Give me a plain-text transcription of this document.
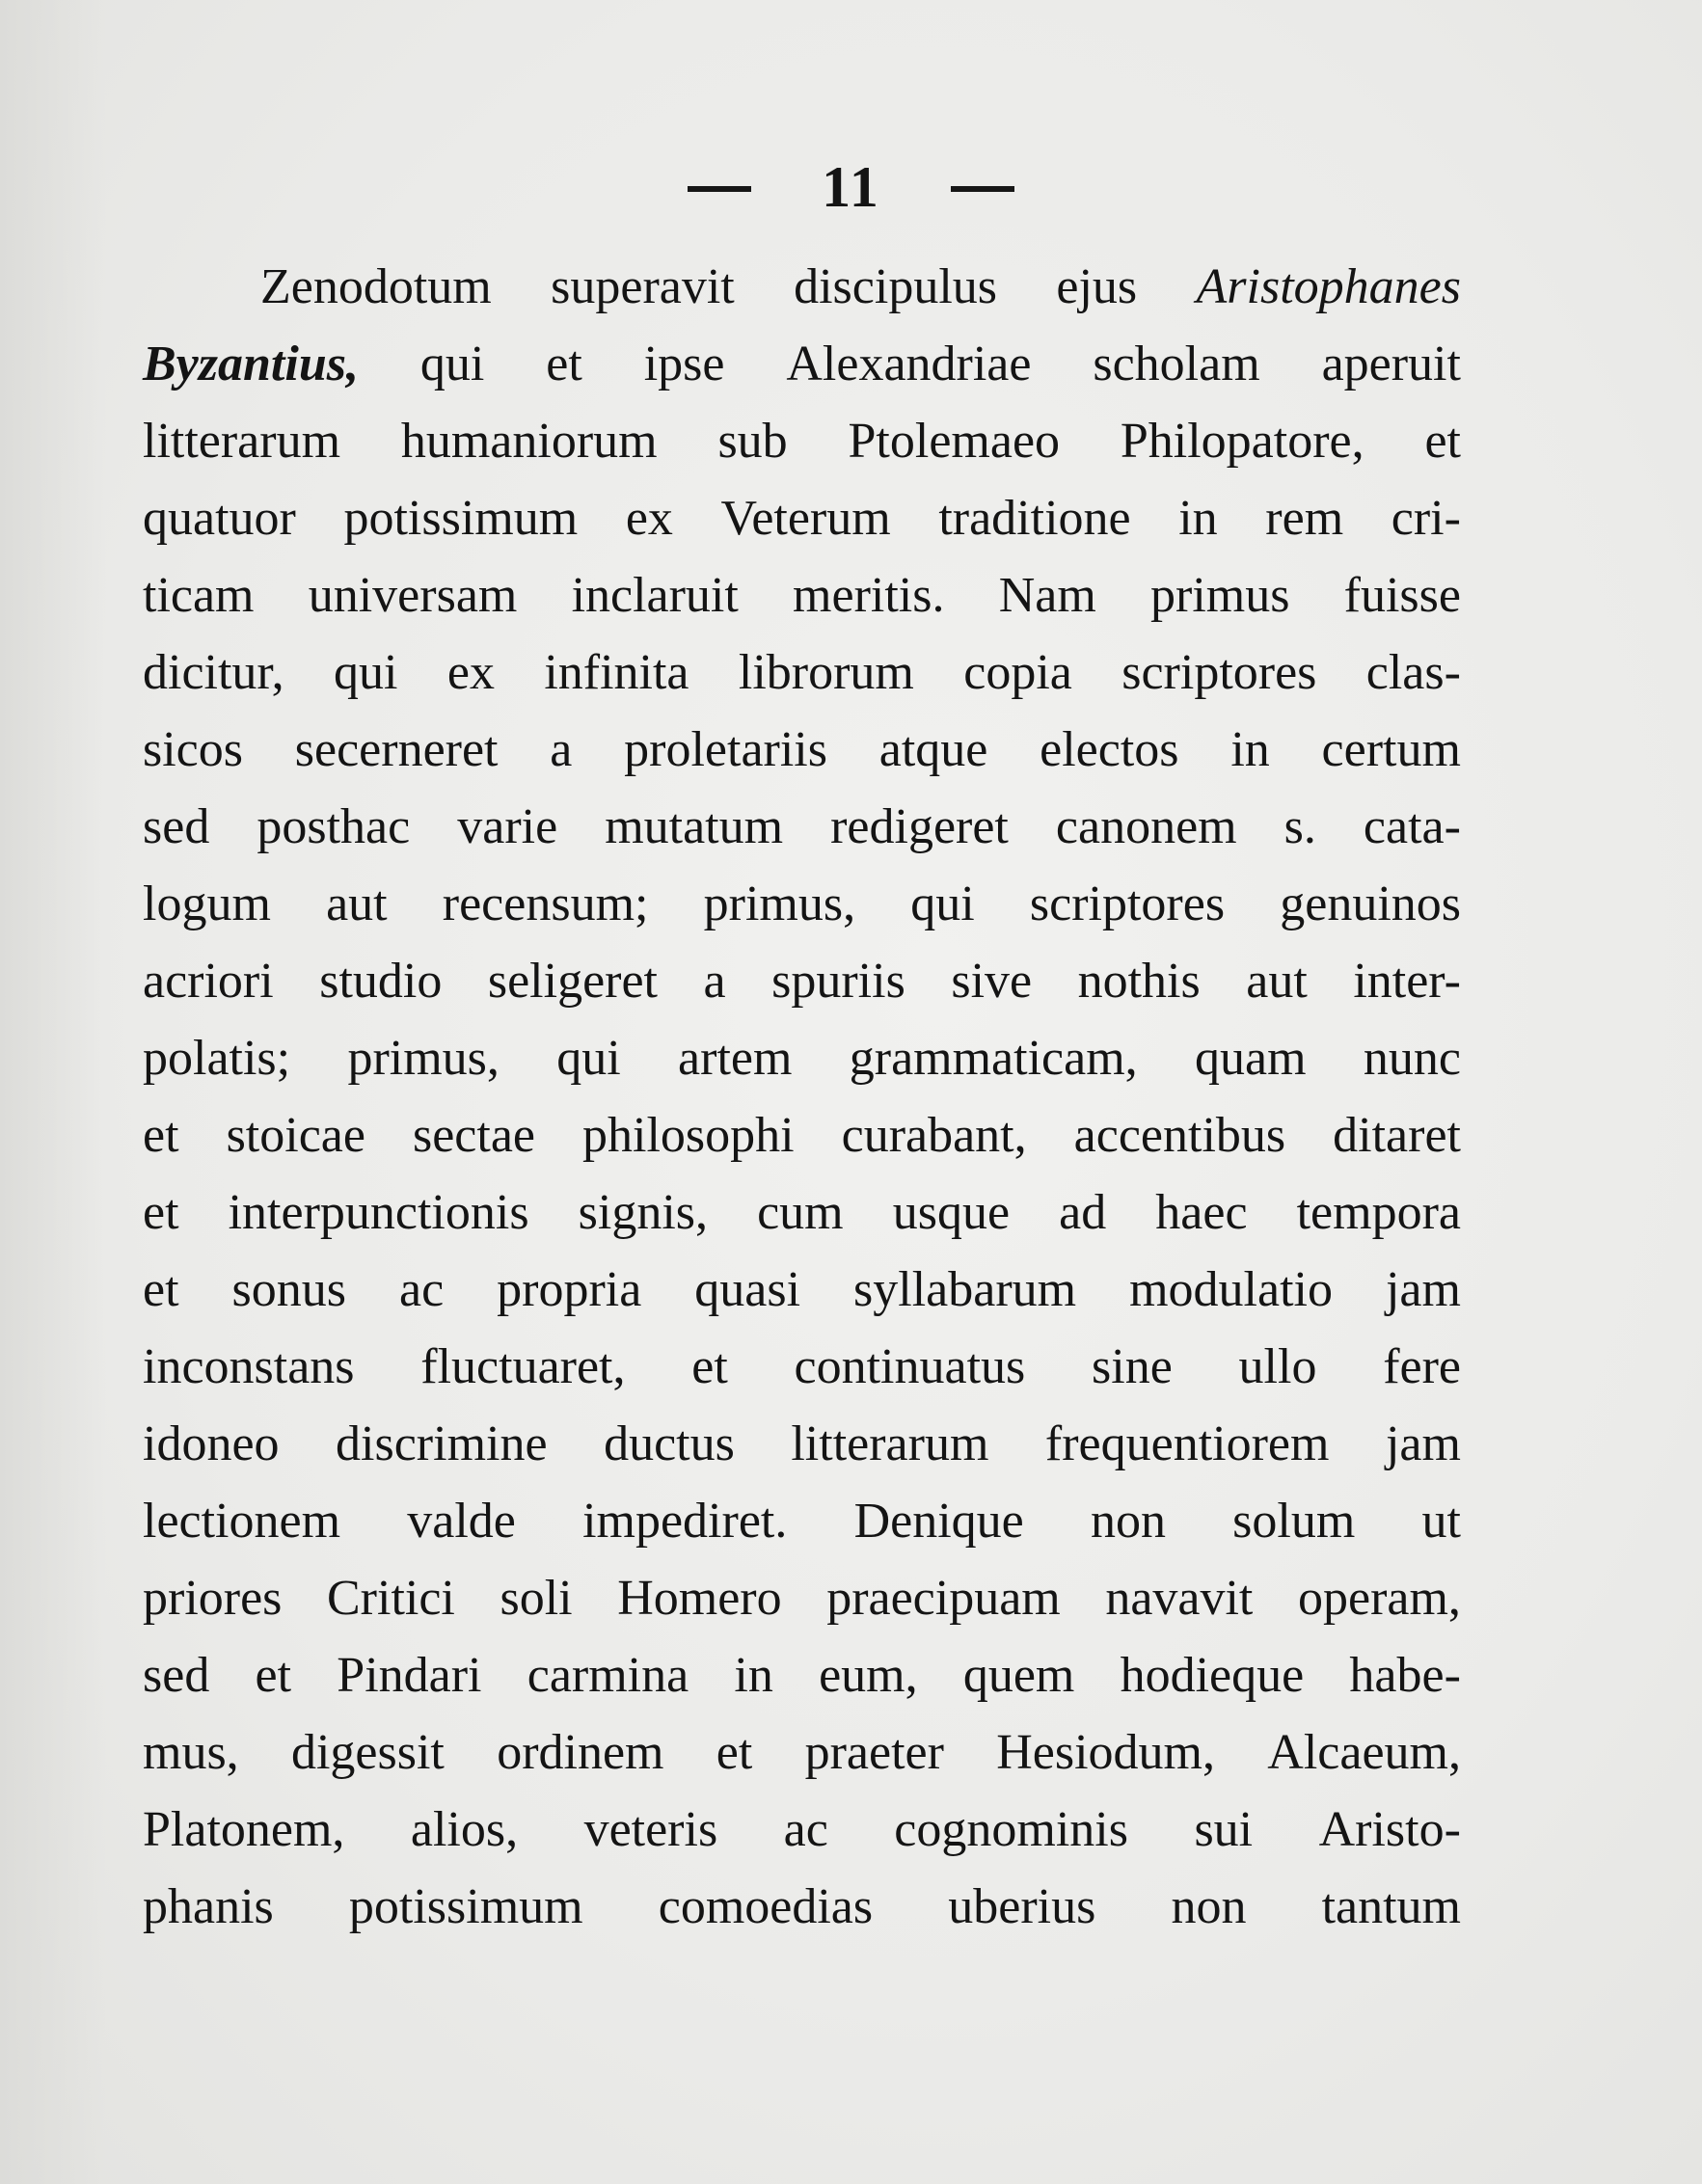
11
Zenodotum superavit discipulus ejus Aristophanes
Byzantius, qui et ipse Alexandriae scholam aperuit
litterarum humaniorum sub Ptolemaeo Philopatore, et
quatuor potissimum ex Veterum traditione in rem cri-
ticam universam inclaruit meritis. Nam primus fuisse
dicitur, qui ex infinita librorum copia scriptores clas-
sicos secerneret a proletariis atque electos in certum
sed posthac varie mutatum redigeret canonem s. cata-
logum aut recensum; primus, qui scriptores genuinos
acriori studio seligeret a spuriis sive nothis aut inter-
polatis; primus, qui artem grammaticam, quam nunc
et stoicae sectae philosophi curabant, accentibus ditaret
et interpunctionis signis, cum usque ad haec tempora
et sonus ac propria quasi syllabarum modulatio jam
inconstans fluctuaret, et continuatus sine ullo fere
idoneo discrimine ductus litterarum frequentiorem jam
lectionem valde impediret. Denique non solum ut
priores Critici soli Homero praecipuam navavit operam,
sed et Pindari carmina in eum, quem hodieque habe-
mus, digessit ordinem et praeter Hesiodum, Alcaeum,
Platonem, alios, veteris ac cognominis sui Aristo-
phanis potissimum comoedias uberius non tantum
